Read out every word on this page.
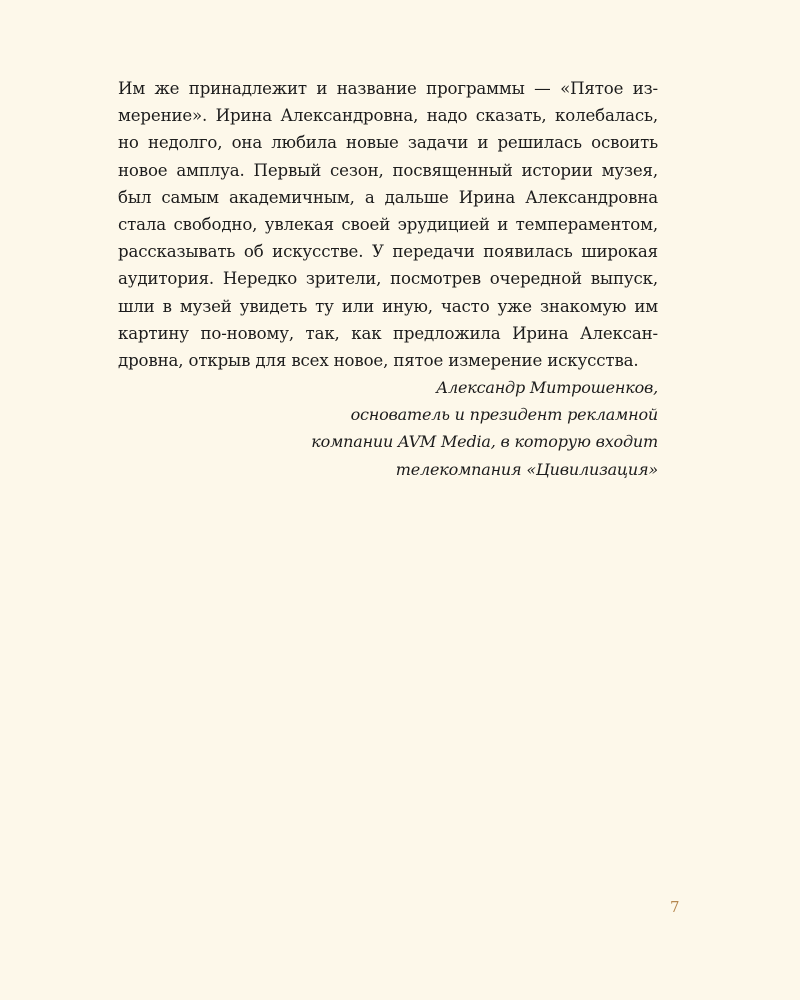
Им же принадлежит и название программы — «Пятое из-
мерение». Ирина Александровна, надо сказать, колебалась,
но недолго, она любила новые задачи и решилась освоить
новое амплуа. Первый сезон, посвященный истории музея,
был самым академичным, а дальше Ирина Александровна
стала свободно, увлекая своей эрудицией и темпераментом,
рассказывать об искусстве. У передачи появилась широкая
аудитория. Нередко зрители, посмотрев очередной выпуск,
шли в музей увидеть ту или иную, часто уже знакомую им
картину по-новому, так, как предложила Ирина Алексан-
дровна, открыв для всех новое, пятое измерение искусства.
Александр Митрошенков,
основатель и президент рекламной
компании AVM Media, в которую входит
телекомпания «Цивилизация»
7
